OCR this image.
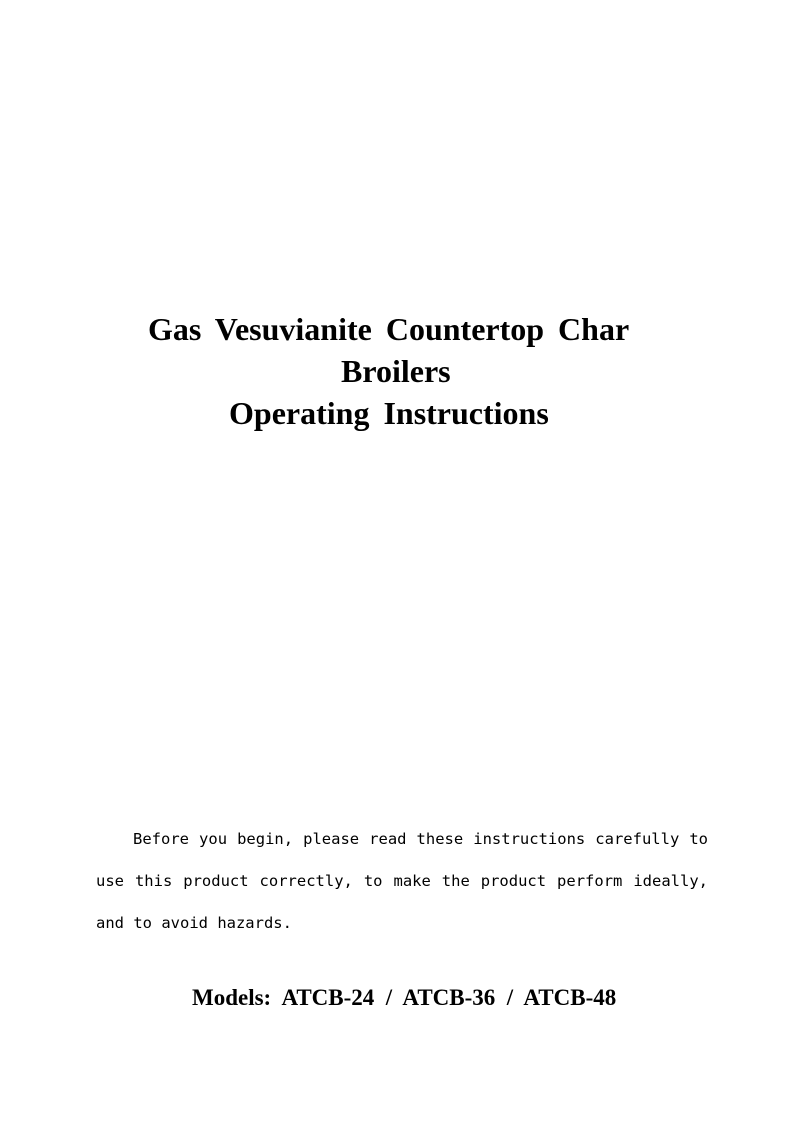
Gas Vesuvianite Countertop Char
Broilers
Operating Instructions

Before you begin, please read these instructions carefully to use this product correctly, to make the product perform ideally, and to avoid hazards.

Models:  ATCB-24  /  ATCB-36  /  ATCB-48
